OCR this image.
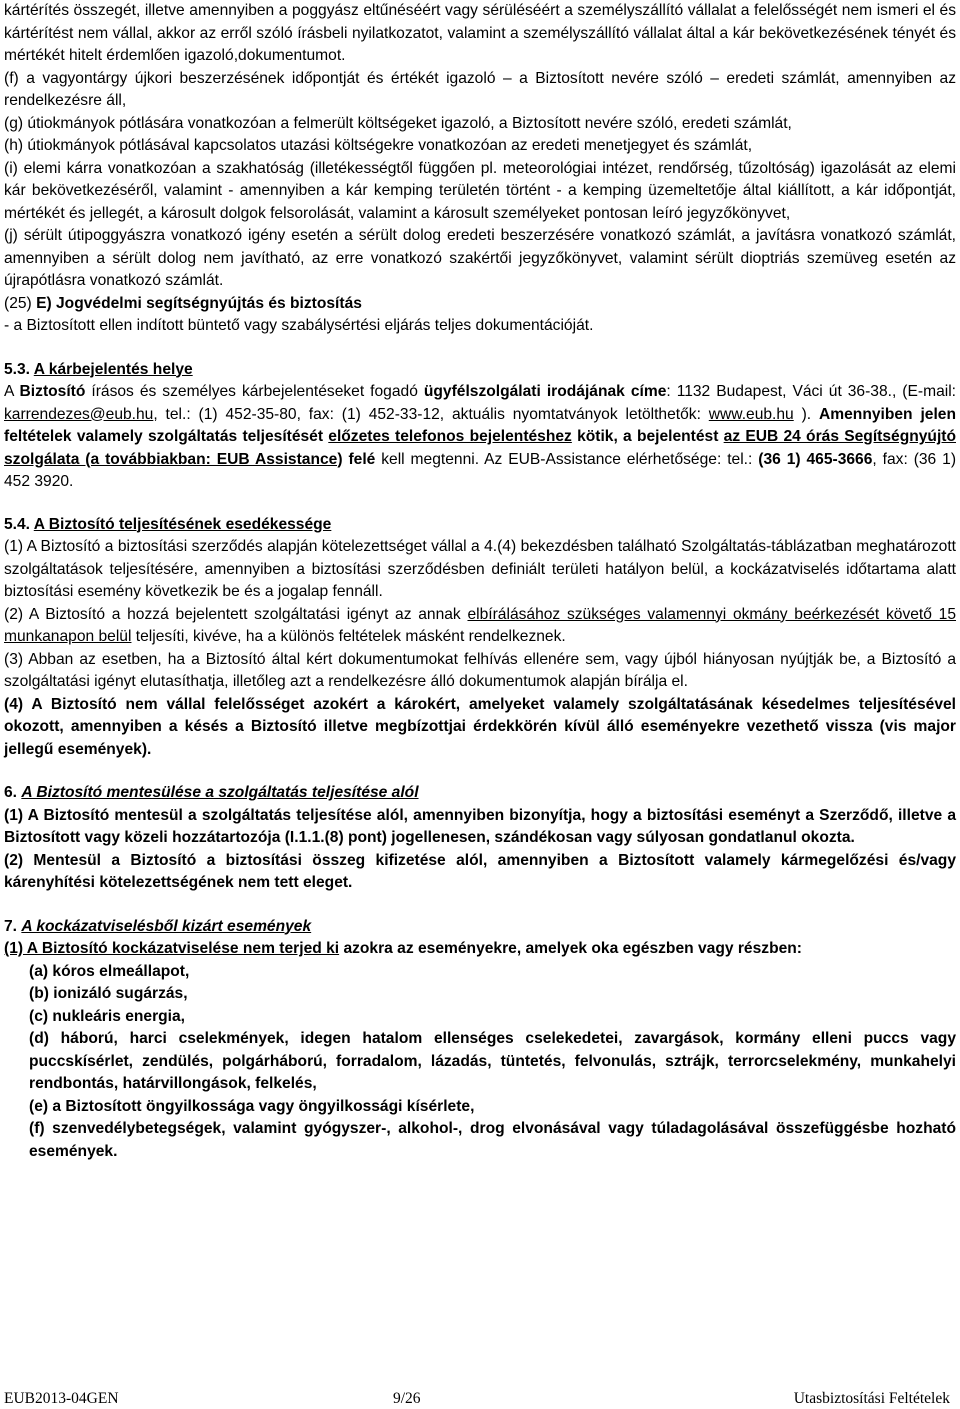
kártérítés összegét, illetve amennyiben a poggyász eltűnéséért vagy sérüléséért a személyszállító vállalat a felelősségét nem ismeri el és kártérítést nem vállal, akkor az erről szóló írásbeli nyilatkozatot, valamint a személyszállító vállalat által a kár bekövetkezésének tényét és mértékét hitelt érdemlően igazoló,dokumentumot.

(f) a vagyontárgy újkori beszerzésének időpontját és értékét igazoló ‒ a Biztosított nevére szóló ‒ eredeti számlát, amennyiben az rendelkezésre áll,

(g) útiokmányok pótlására vonatkozóan a felmerült költségeket igazoló, a Biztosított nevére szóló, eredeti számlát,

(h) útiokmányok pótlásával kapcsolatos utazási költségekre vonatkozóan az eredeti menetjegyet és számlát,

(i) elemi kárra vonatkozóan a szakhatóság (illetékességtől függően pl. meteorológiai intézet, rendőrség, tűzoltóság) igazolását az elemi kár bekövetkezéséről, valamint - amennyiben a kár kemping területén történt - a kemping üzemeltetője által kiállított, a kár időpontját, mértékét és jellegét, a károsult dolgok felsorolását, valamint a károsult személyeket pontosan leíró jegyzőkönyvet,

(j) sérült útipoggyászra vonatkozó igény esetén a sérült dolog eredeti beszerzésére vonatkozó számlát, a javításra vonatkozó számlát, amennyiben a sérült dolog nem javítható, az erre vonatkozó szakértői jegyzőkönyvet, valamint sérült dioptriás szemüveg esetén az újrapótlásra vonatkozó számlát.

(25) E) Jogvédelmi segítségnyújtás és biztosítás

- a Biztosított ellen indított büntető vagy szabálysértési eljárás teljes dokumentációját.

5.3. A kárbejelentés helye

A Biztosító írásos és személyes kárbejelentéseket fogadó ügyfélszolgálati irodájának címe: 1132 Budapest, Váci út 36-38., (E-mail: karrendezes@eub.hu, tel.: (1) 452-35-80, fax: (1) 452-33-12, aktuális nyomtatványok letölthetők: www.eub.hu ). Amennyiben jelen feltételek valamely szolgáltatás teljesítését előzetes telefonos bejelentéshez kötik, a bejelentést az EUB 24 órás Segítségnyújtó szolgálata (a továbbiakban: EUB Assistance) felé kell megtenni. Az EUB-Assistance elérhetősége: tel.: (36 1) 465-3666, fax: (36 1) 452 3920.

5.4. A Biztosító teljesítésének esedékessége

(1) A Biztosító a biztosítási szerződés alapján kötelezettséget vállal a 4.(4) bekezdésben található Szolgáltatás-táblázatban meghatározott szolgáltatások teljesítésére, amennyiben a biztosítási szerződésben definiált területi hatályon belül, a kockázatviselés időtartama alatt biztosítási esemény következik be és a jogalap fennáll.

(2) A Biztosító a hozzá bejelentett szolgáltatási igényt az annak elbírálásához szükséges valamennyi okmány beérkezését követő 15 munkanapon belül teljesíti, kivéve, ha a különös feltételek másként rendelkeznek.

(3) Abban az esetben, ha a Biztosító által kért dokumentumokat felhívás ellenére sem, vagy újból hiányosan nyújtják be, a Biztosító a szolgáltatási igényt elutasíthatja, illetőleg azt a rendelkezésre álló dokumentumok alapján bírálja el.

(4) A Biztosító nem vállal felelősséget azokért a károkért, amelyeket valamely szolgáltatásának késedelmes teljesítésével okozott, amennyiben a késés a Biztosító illetve megbízottjai érdekkörén kívül álló eseményekre vezethető vissza (vis major jellegű események).

6. A Biztosító mentesülése a szolgáltatás teljesítése alól

(1) A Biztosító mentesül a szolgáltatás teljesítése alól, amennyiben bizonyítja, hogy a biztosítási eseményt a Szerződő, illetve a Biztosított vagy közeli hozzátartozója (I.1.1.(8) pont) jogellenesen, szándékosan vagy súlyosan gondatlanul okozta.

(2) Mentesül a Biztosító a biztosítási összeg kifizetése alól, amennyiben a Biztosított valamely kármegelőzési és/vagy kárenyhítési kötelezettségének nem tett eleget.

7. A kockázatviselésből kizárt események

(1) A Biztosító kockázatviselése nem terjed ki azokra az eseményekre, amelyek oka egészben vagy részben:

(a) kóros elmeállapot,

(b) ionizáló sugárzás,

(c) nukleáris energia,

(d) háború, harci cselekmények, idegen hatalom ellenséges cselekedetei, zavargások, kormány elleni puccs vagy puccskísérlet, zendülés, polgárháború, forradalom, lázadás, tüntetés, felvonulás, sztrájk, terrorcselekmény, munkahelyi rendbontás, határvillongások, felkelés,

(e) a Biztosított öngyilkossága vagy öngyilkossági kísérlete,

(f) szenvedélybetegségek, valamint gyógyszer-, alkohol-, drog elvonásával vagy túladagolásával összefüggésbe hozható események.

EUB2013-04GEN	9/26	Utasbiztosítási Feltételek
